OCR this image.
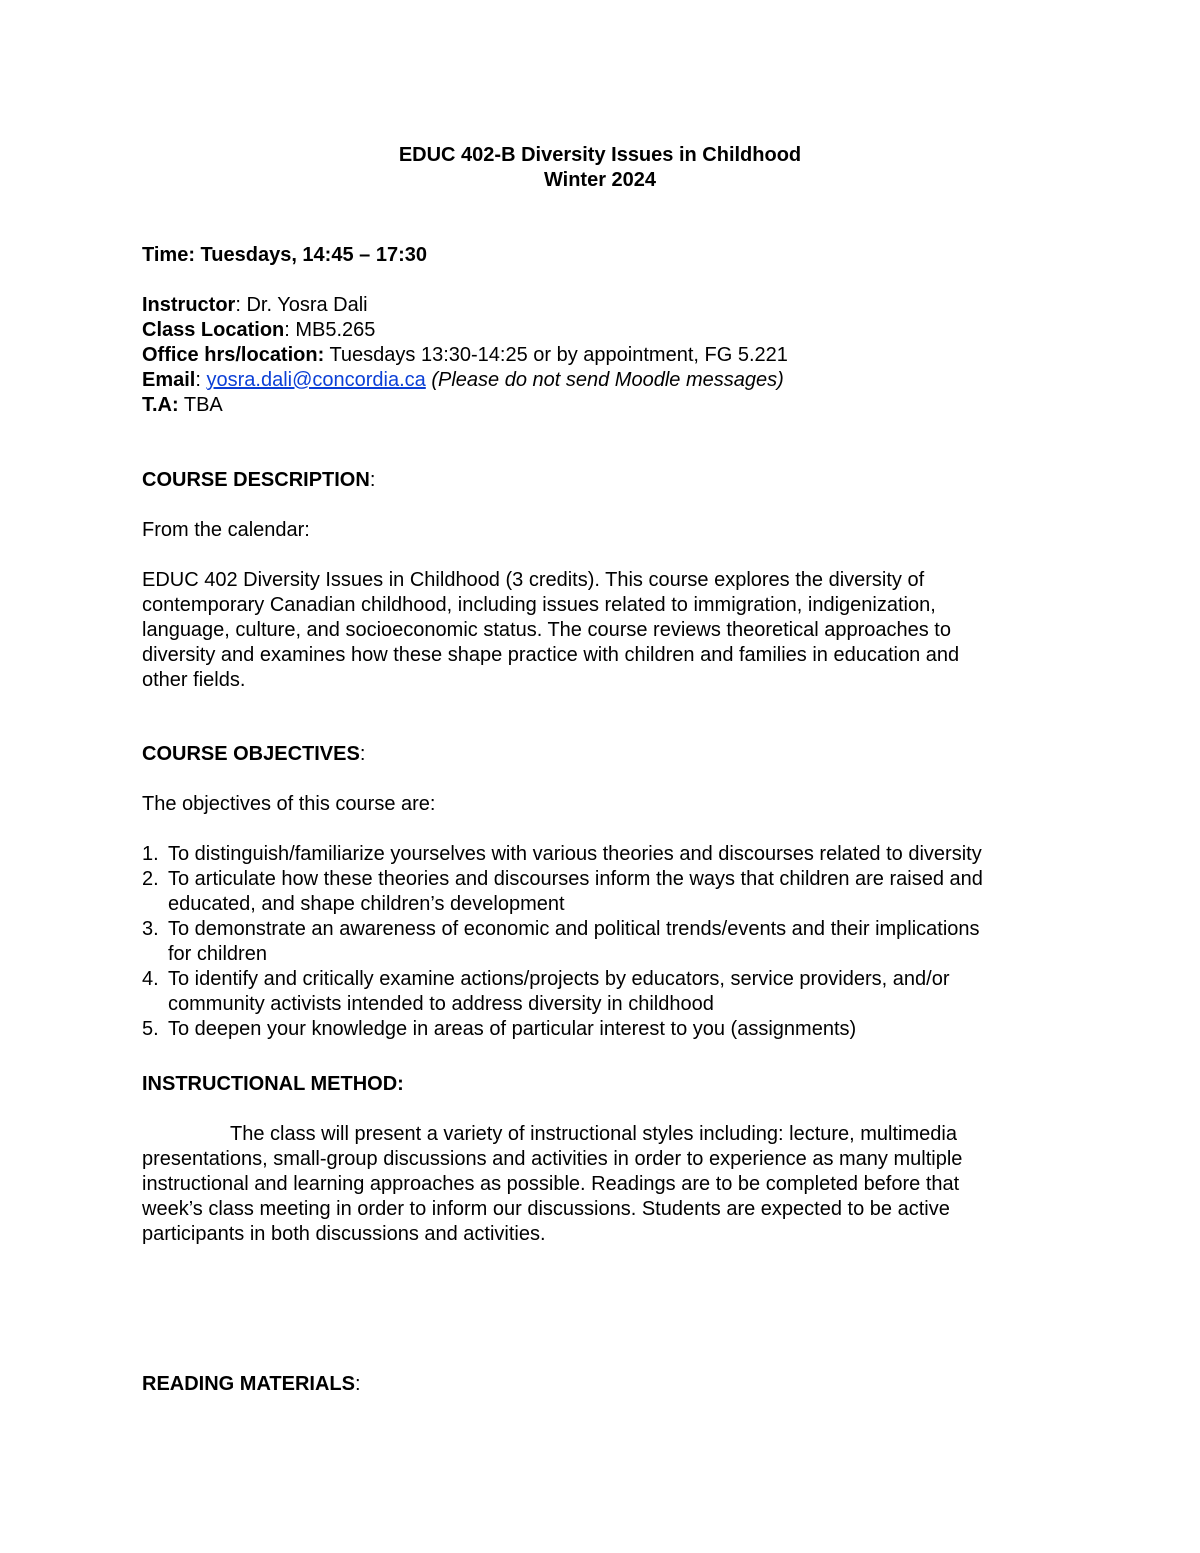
EDUC 402-B Diversity Issues in Childhood

Winter 2024

Time: Tuesdays, 14:45 – 17:30

Instructor: Dr. Yosra Dali

Class Location: MB5.265

Office hrs/location: Tuesdays 13:30-14:25 or by appointment, FG 5.221

Email: yosra.dali@concordia.ca (Please do not send Moodle messages)

T.A: TBA

COURSE DESCRIPTION:

From the calendar:

EDUC 402 Diversity Issues in Childhood (3 credits). This course explores the diversity of

contemporary Canadian childhood, including issues related to immigration, indigenization,

language, culture, and socioeconomic status. The course reviews theoretical approaches to

diversity and examines how these shape practice with children and families in education and

other fields.

COURSE OBJECTIVES:

The objectives of this course are:

1. To distinguish/familiarize yourselves with various theories and discourses related to diversity
2. To articulate how these theories and discourses inform the ways that children are raised and
educated, and shape children’s development
3. To demonstrate an awareness of economic and political trends/events and their implications
for children
4. To identify and critically examine actions/projects by educators, service providers, and/or
community activists intended to address diversity in childhood
5. To deepen your knowledge in areas of particular interest to you (assignments)

INSTRUCTIONAL METHOD:

The class will present a variety of instructional styles including: lecture, multimedia

presentations, small-group discussions and activities in order to experience as many multiple

instructional and learning approaches as possible. Readings are to be completed before that

week’s class meeting in order to inform our discussions. Students are expected to be active

participants in both discussions and activities.

READING MATERIALS:
